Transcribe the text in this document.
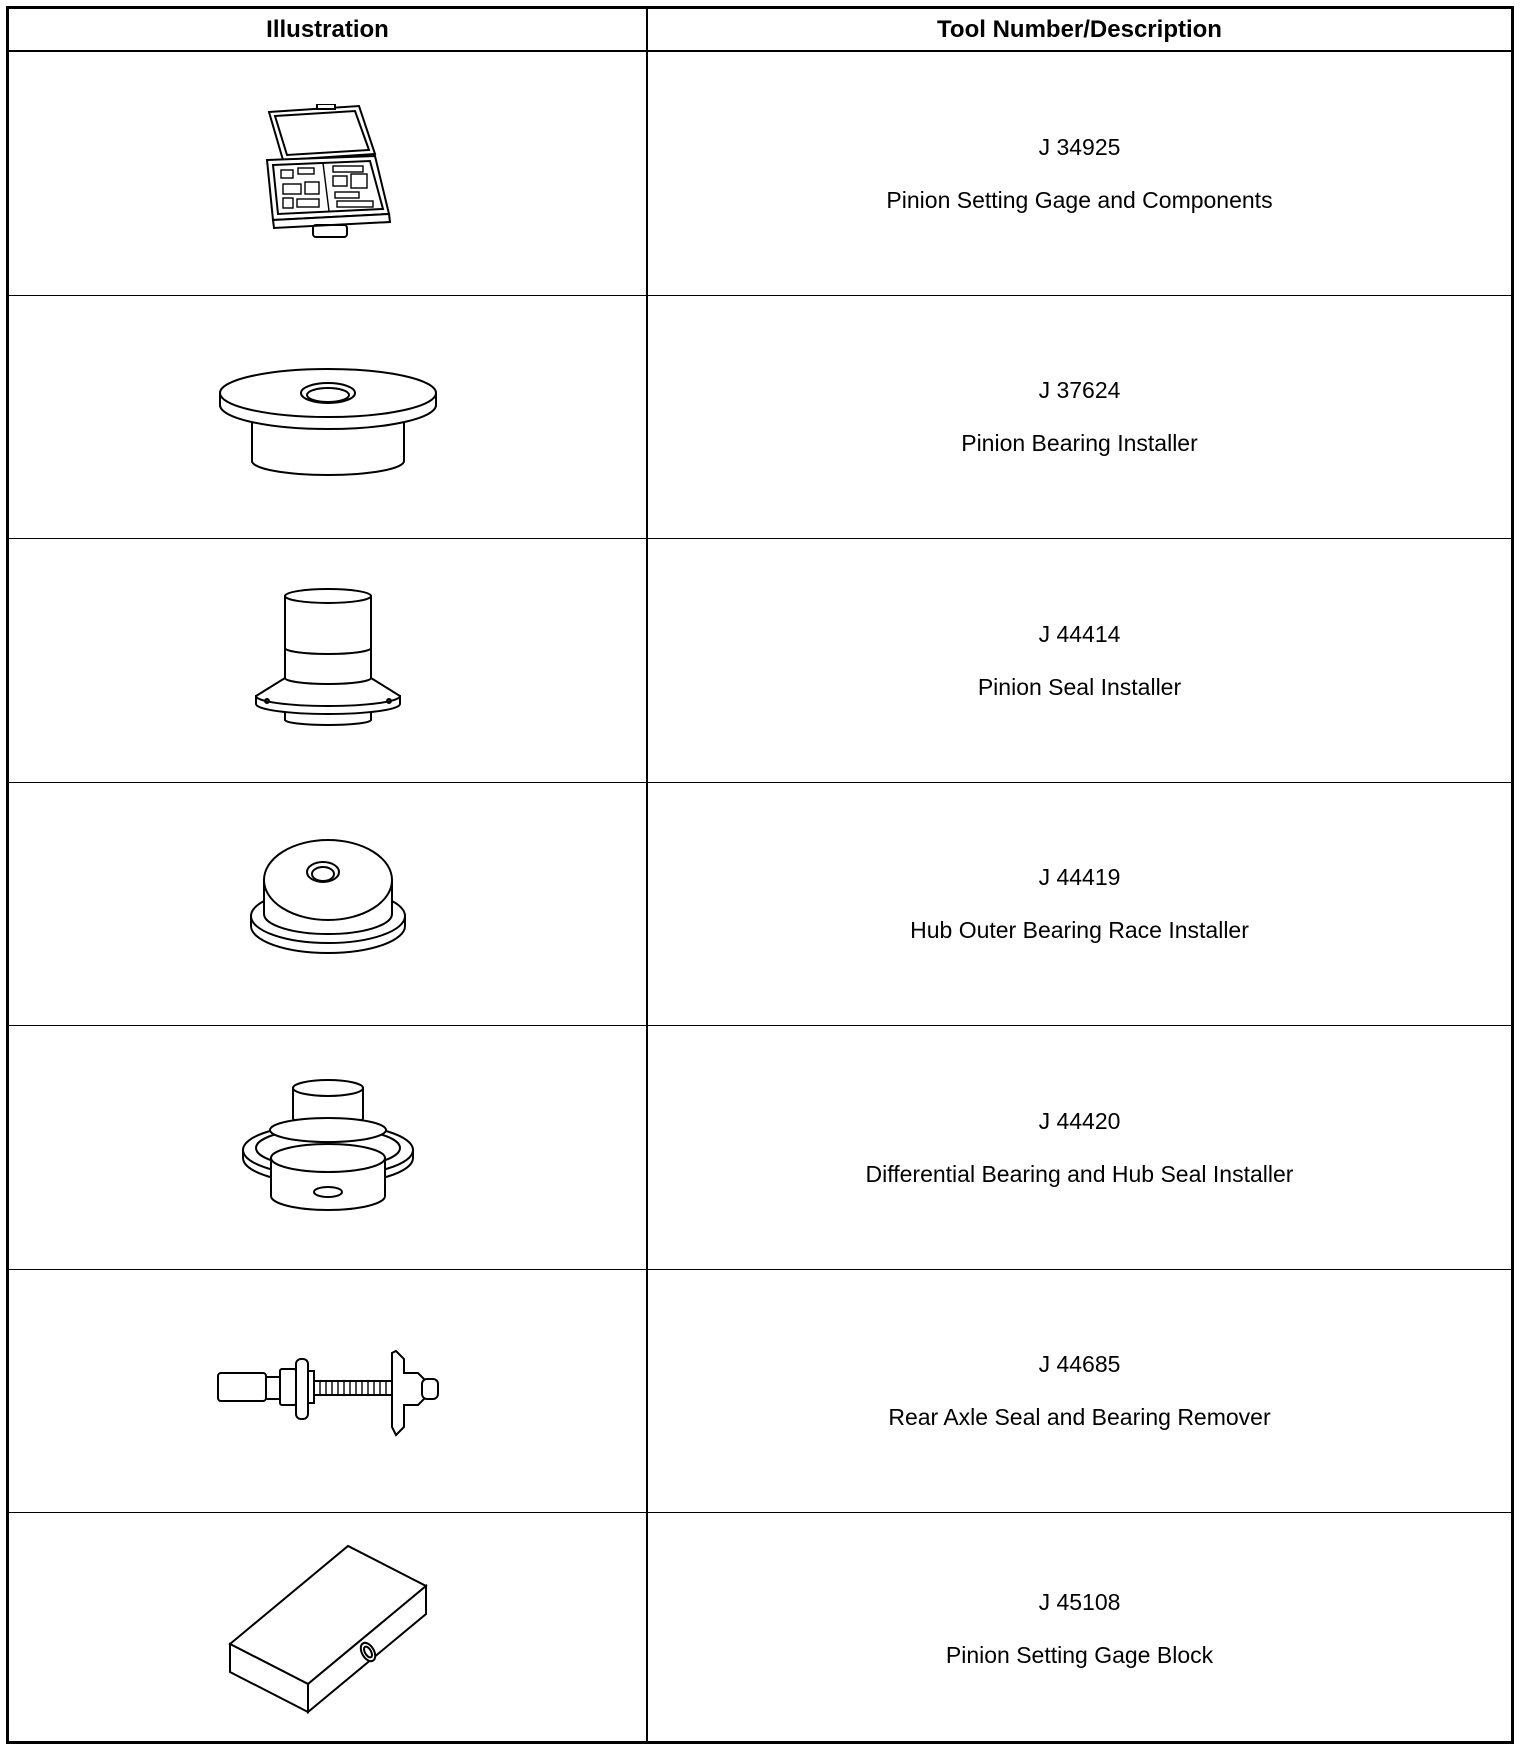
Illustration	Tool Number/Description
J 34925
Pinion Setting Gage and Components
J 37624
Pinion Bearing Installer
J 44414
Pinion Seal Installer
J 44419
Hub Outer Bearing Race Installer
J 44420
Differential Bearing and Hub Seal Installer
J 44685
Rear Axle Seal and Bearing Remover
J 45108
Pinion Setting Gage Block
